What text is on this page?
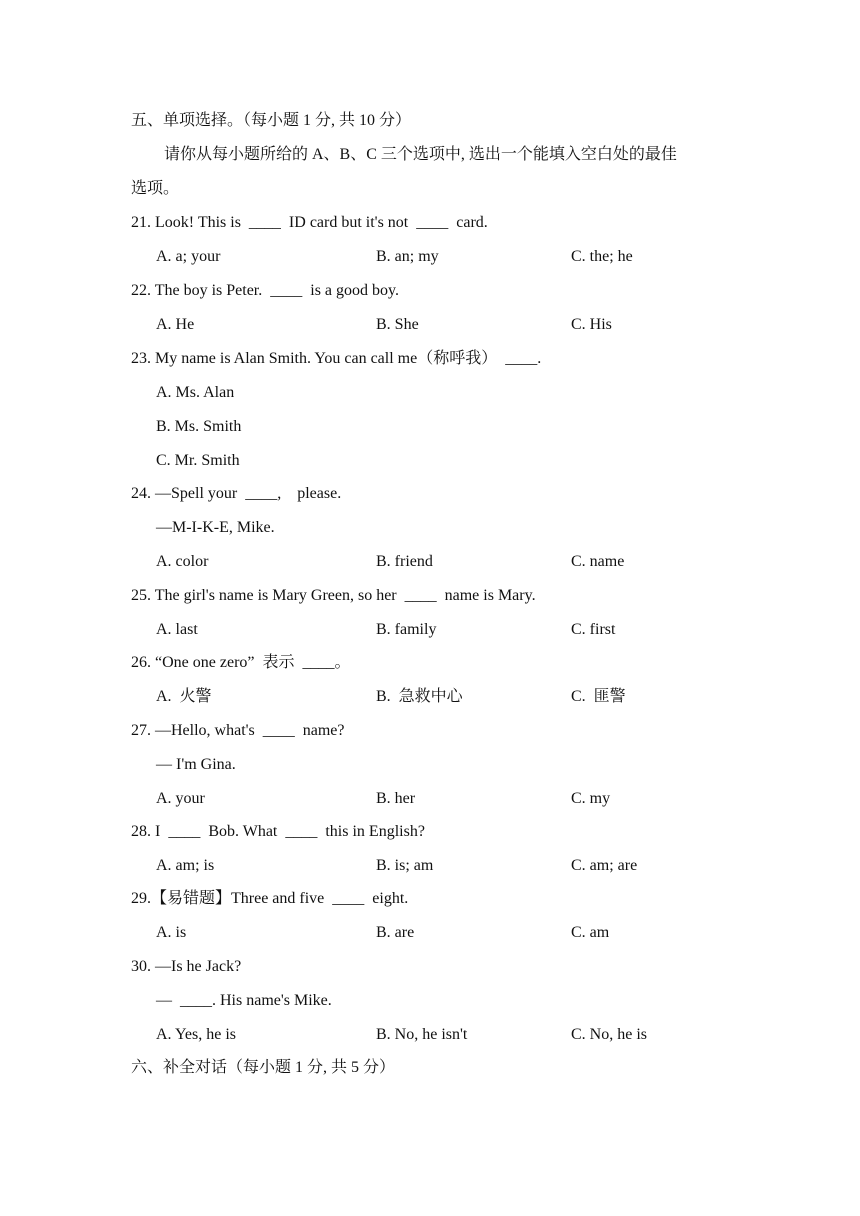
五、单项选择。（每小题 1 分, 共 10 分）
请你从每小题所给的 A、B、C 三个选项中, 选出一个能填入空白处的最佳
选项。
21. Look! This is  ____  ID card but it's not  ____  card.
A. a; your	B. an; my	C. the; he
22. The boy is Peter.  ____  is a good boy.
A. He	B. She	C. His
23. My name is Alan Smith. You can call me（称呼我）  ____.
A. Ms. Alan
B. Ms. Smith
C. Mr. Smith
24. —Spell your  ____,    please.
—M-I-K-E, Mike.
A. color	B. friend	C. name
25. The girl's name is Mary Green, so her  ____  name is Mary.
A. last	B. family	C. first
26. “One one zero”  表示  ____。
A.  火警	B.  急救中心	C.  匪警
27. —Hello, what's  ____  name?
— I'm Gina.
A. your	B. her	C. my
28. I  ____  Bob. What  ____  this in English?
A. am; is	B. is; am	C. am; are
29.【易错题】Three and five  ____  eight.
A. is	B. are	C. am
30. —Is he Jack?
—  ____. His name's Mike.
A. Yes, he is	B. No, he isn't	C. No, he is
六、补全对话（每小题 1 分, 共 5 分）
